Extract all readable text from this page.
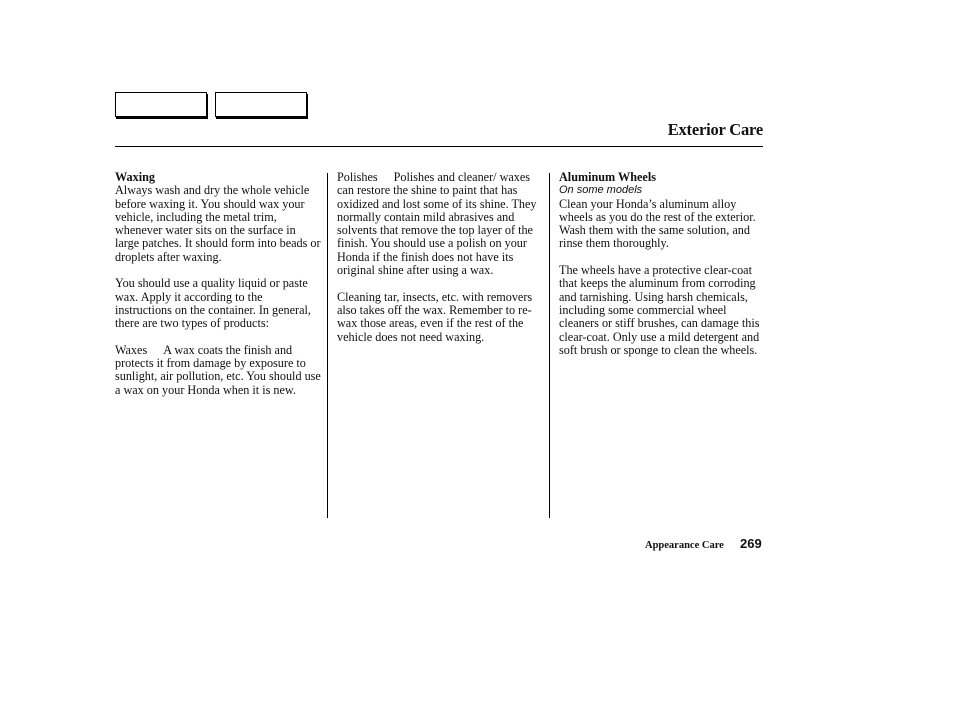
Exterior Care
Waxing

Always wash and dry the whole vehicle before waxing it. You should wax your vehicle, including the metal trim, whenever water sits on the surface in large patches. It should form into beads or droplets after waxing.

You should use a quality liquid or paste wax. Apply it according to the instructions on the container. In general, there are two types of products:

Waxes A wax coats the finish and protects it from damage by exposure to sunlight, air pollution, etc. You should use a wax on your Honda when it is new.

Polishes Polishes and cleaner/ waxes can restore the shine to paint that has oxidized and lost some of its shine. They normally contain mild abrasives and solvents that remove the top layer of the finish. You should use a polish on your Honda if the finish does not have its original shine after using a wax.

Cleaning tar, insects, etc. with removers also takes off the wax. Remember to re-wax those areas, even if the rest of the vehicle does not need waxing.

Aluminum Wheels
On some models

Clean your Honda’s aluminum alloy wheels as you do the rest of the exterior. Wash them with the same solution, and rinse them thoroughly.

The wheels have a protective clear-coat that keeps the aluminum from corroding and tarnishing. Using harsh chemicals, including some commercial wheel cleaners or stiff brushes, can damage this clear-coat. Only use a mild detergent and soft brush or sponge to clean the wheels.

Appearance Care 269
